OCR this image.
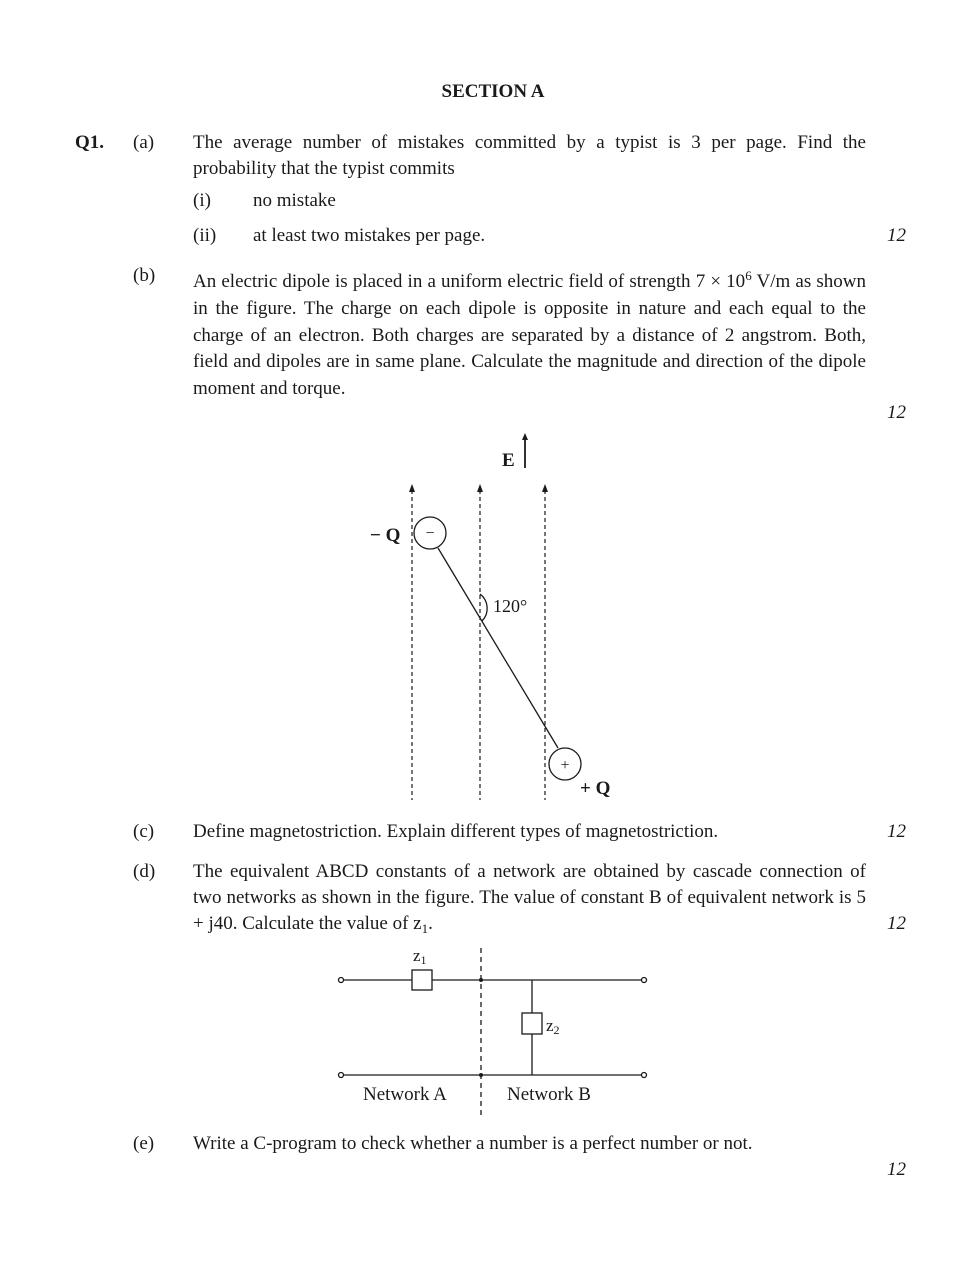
SECTION A
Q1. (a) The average number of mistakes committed by a typist is 3 per page. Find the probability that the typist commits
(i) no mistake
(ii) at least two mistakes per page.	12
(b) An electric dipole is placed in a uniform electric field of strength $7 \times 10^6$ V/m as shown in the figure. The charge on each dipole is opposite in nature and each equal to the charge of an electron. Both charges are separated by a distance of 2 angstrom. Both, field and dipoles are in same plane. Calculate the magnitude and direction of the dipole moment and torque.
12
E
120°
−
− Q
+
+ Q
(c) Define magnetostriction. Explain different types of magnetostriction.	12
(d) The equivalent ABCD constants of a network are obtained by cascade connection of two networks as shown in the figure. The value of constant B of equivalent network is 5 + j40. Calculate the value of $z_1$.	12
z1
z2
Network A	Network B
(e) Write a C-program to check whether a number is a perfect number or not.
12
